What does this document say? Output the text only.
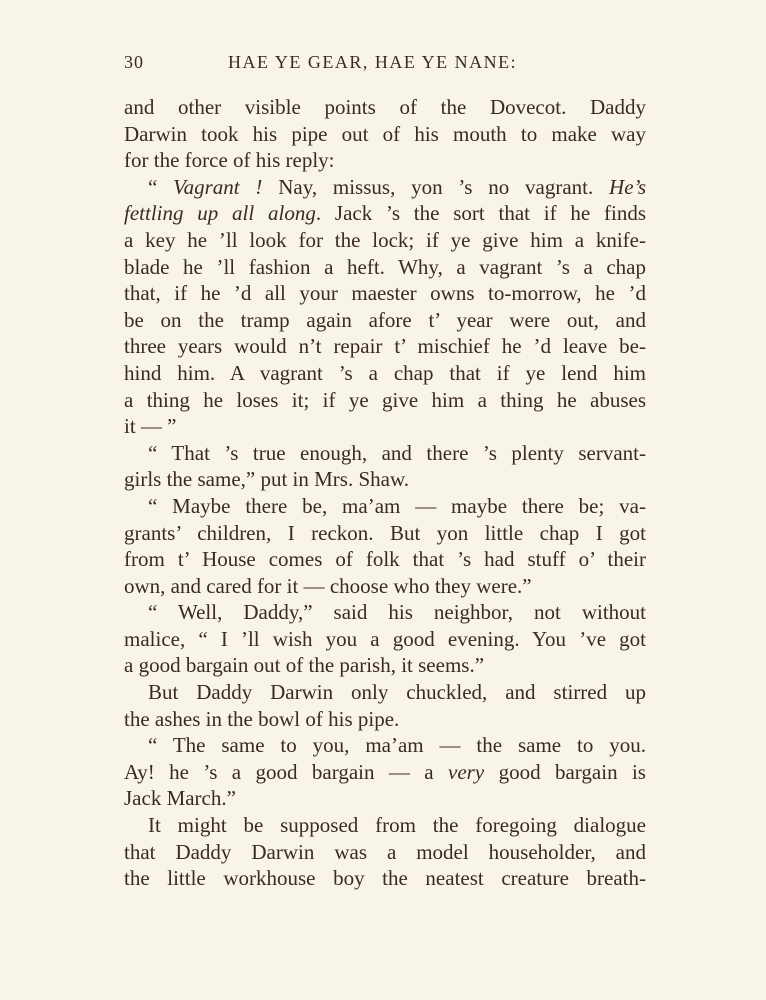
30	HAE YE GEAR, HAE YE NANE:
and other visible points of the Dovecot. Daddy
Darwin took his pipe out of his mouth to make way
for the force of his reply:
“ Vagrant ! Nay, missus, yon ’s no vagrant. He’s
fettling up all along. Jack ’s the sort that if he finds
a key he ’ll look for the lock; if ye give him a knife-
blade he ’ll fashion a heft. Why, a vagrant ’s a chap
that, if he ’d all your maester owns to-morrow, he ’d
be on the tramp again afore t’ year were out, and
three years would n’t repair t’ mischief he ’d leave be-
hind him. A vagrant ’s a chap that if ye lend him
a thing he loses it; if ye give him a thing he abuses
it — ”
“ That ’s true enough, and there ’s plenty servant-
girls the same,” put in Mrs. Shaw.
“ Maybe there be, ma’am — maybe there be; va-
grants’ children, I reckon. But yon little chap I got
from t’ House comes of folk that ’s had stuff o’ their
own, and cared for it — choose who they were.”
“ Well, Daddy,” said his neighbor, not without
malice, “ I ’ll wish you a good evening. You ’ve got
a good bargain out of the parish, it seems.”
But Daddy Darwin only chuckled, and stirred up
the ashes in the bowl of his pipe.
“ The same to you, ma’am — the same to you.
Ay! he ’s a good bargain — a very good bargain is
Jack March.”
It might be supposed from the foregoing dialogue
that Daddy Darwin was a model householder, and
the little workhouse boy the neatest creature breath-
